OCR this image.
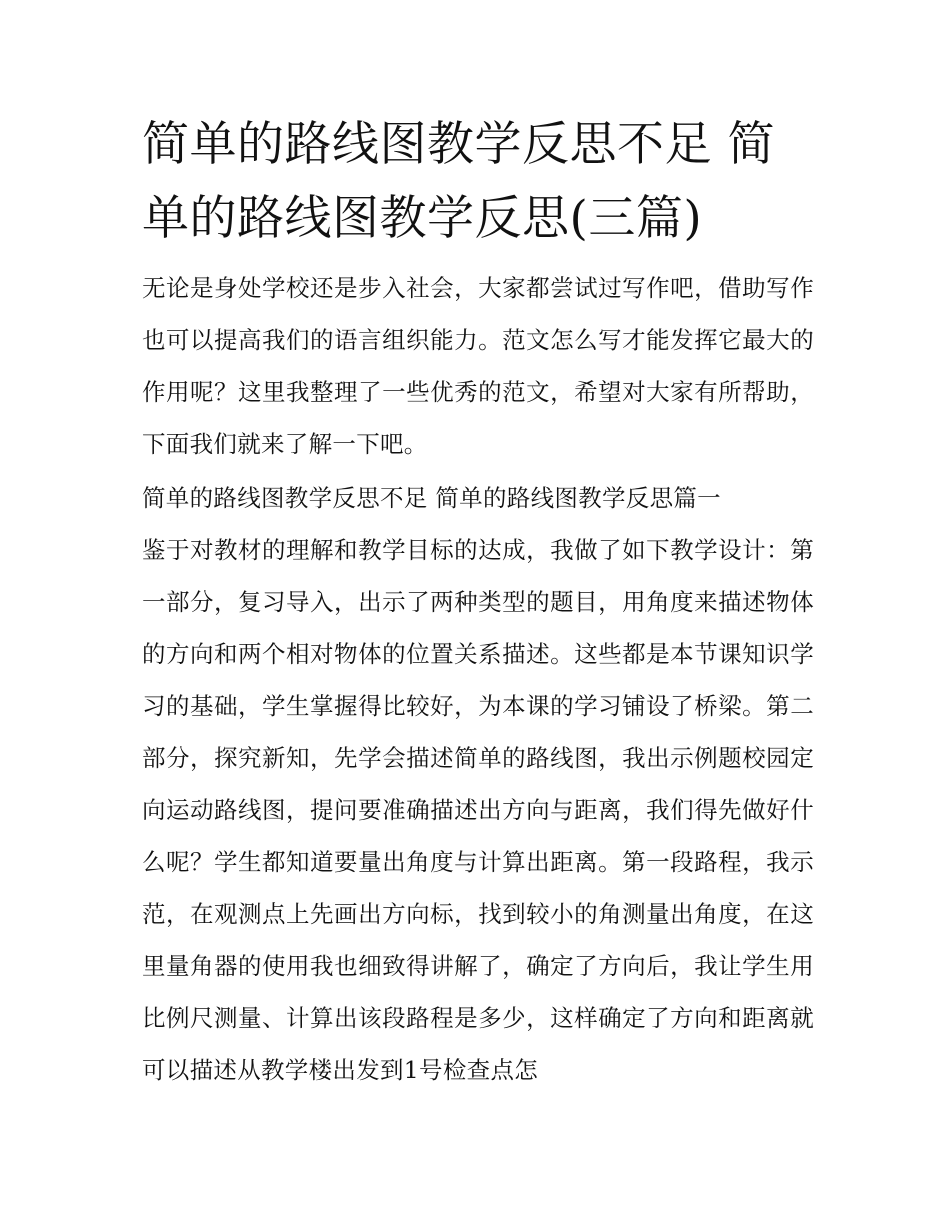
简单的路线图教学反思不足 简单的路线图教学反思(三篇)

无论是身处学校还是步入社会，大家都尝试过写作吧，借助写作也可以提高我们的语言组织能力。范文怎么写才能发挥它最大的作用呢？这里我整理了一些优秀的范文，希望对大家有所帮助，下面我们就来了解一下吧。

简单的路线图教学反思不足 简单的路线图教学反思篇一

鉴于对教材的理解和教学目标的达成，我做了如下教学设计：第一部分，复习导入，出示了两种类型的题目，用角度来描述物体的方向和两个相对物体的位置关系描述。这些都是本节课知识学习的基础，学生掌握得比较好，为本课的学习铺设了桥梁。第二部分，探究新知，先学会描述简单的路线图，我出示例题校园定向运动路线图，提问要准确描述出方向与距离，我们得先做好什么呢？学生都知道要量出角度与计算出距离。第一段路程，我示范，在观测点上先画出方向标，找到较小的角测量出角度，在这里量角器的使用我也细致得讲解了，确定了方向后，我让学生用比例尺测量、计算出该段路程是多少，这样确定了方向和距离就可以描述从教学楼出发到1号检查点怎
